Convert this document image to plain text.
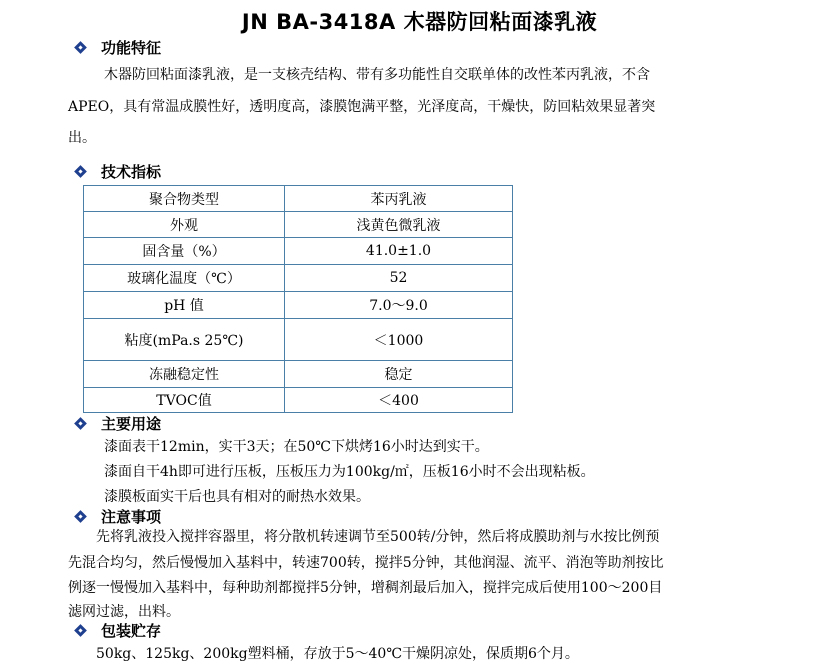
JN BA-3418A 木器防回粘面漆乳液
功能特征
木器防回粘面漆乳液，是一支核壳结构、带有多功能性自交联单体的改性苯丙乳液，不含
APEO，具有常温成膜性好，透明度高，漆膜饱满平整，光泽度高，干燥快，防回粘效果显著突
出。
技术指标
聚合物类型	苯丙乳液
外观	浅黄色微乳液
固含量（%）	41.0±1.0
玻璃化温度（℃）	52
pH 值	7.0～9.0
粘度(mPa.s 25℃)	＜1000
冻融稳定性	稳定
TVOC值	＜400
主要用途
漆面表干12min，实干3天；在50℃下烘烤16小时达到实干。
漆面自干4h即可进行压板，压板压力为100kg/㎡，压板16小时不会出现粘板。
漆膜板面实干后也具有相对的耐热水效果。
注意事项
先将乳液投入搅拌容器里，将分散机转速调节至500转/分钟，然后将成膜助剂与水按比例预
先混合均匀，然后慢慢加入基料中，转速700转，搅拌5分钟，其他润湿、流平、消泡等助剂按比
例逐一慢慢加入基料中，每种助剂都搅拌5分钟，增稠剂最后加入，搅拌完成后使用100～200目
滤网过滤，出料。
包装贮存
50kg、125kg、200kg塑料桶，存放于5～40℃干燥阴凉处，保质期6个月。
